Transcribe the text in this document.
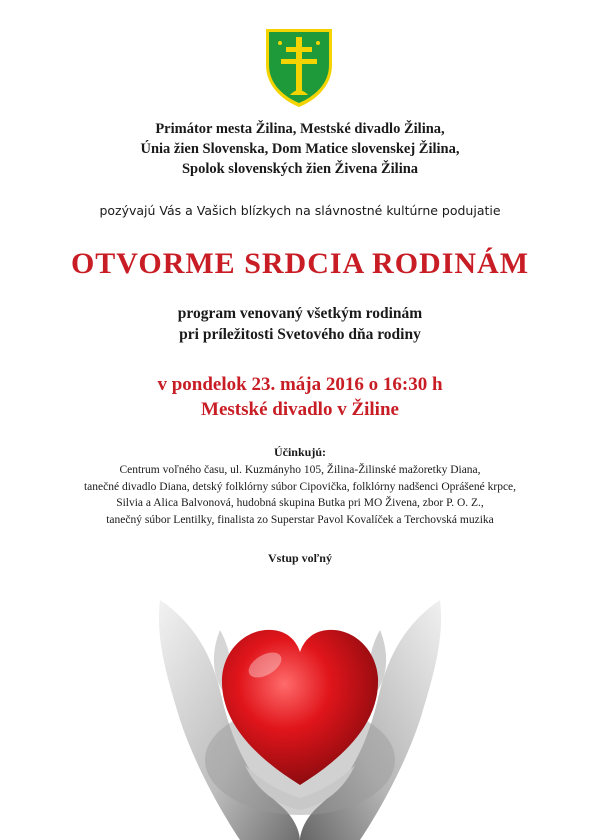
Primátor mesta Žilina, Mestské divadlo Žilina,
Únia žien Slovenska, Dom Matice slovenskej Žilina,
Spolok slovenských žien Živena Žilina
pozývajú Vás a Vašich blízkych na slávnostné kultúrne podujatie
OTVORME SRDCIA RODINÁM
program venovaný všetkým rodinám
pri príležitosti Svetového dňa rodiny
v pondelok 23. mája 2016 o 16:30 h
Mestské divadlo v Žiline
Účinkujú:
Centrum voľného času, ul. Kuzmányho 105, Žilina-Žilinské mažoretky Diana,
tanečné divadlo Diana, detský folklórny súbor Cipovička, folklórny nadšenci Oprášené krpce,
Silvia a Alica Balvonová, hudobná skupina Butka pri MO Živena, zbor P. O. Z.,
tanečný súbor Lentilky, finalista zo Superstar Pavol Kovalíček a Terchovská muzika
Vstup voľný
